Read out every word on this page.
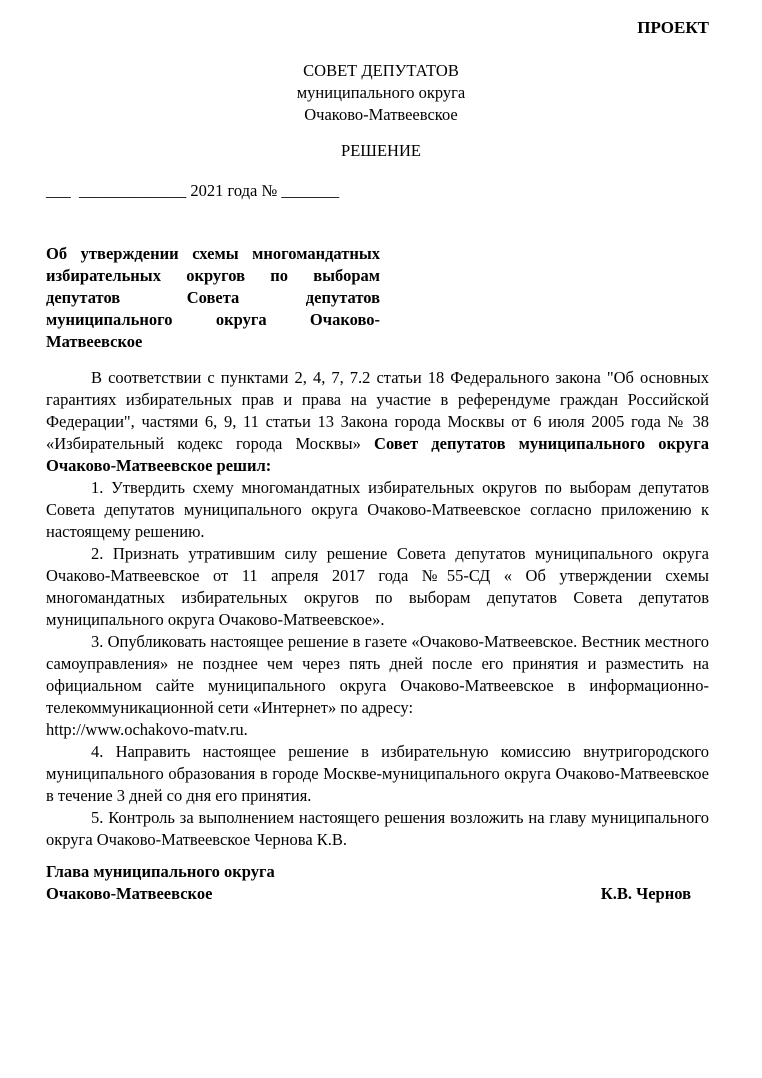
ПРОЕКТ
СОВЕТ ДЕПУТАТОВ
муниципального округа
Очаково-Матвеевское
РЕШЕНИЕ
___  _____________ 2021 года № _______
Об утверждении схемы многомандатных
избирательных округов по выборам
депутатов Совета депутатов
муниципального округа Очаково-
Матвеевское

В соответствии с пунктами 2, 4, 7, 7.2 статьи 18 Федерального закона "Об основных гарантиях избирательных прав и права на участие в референдуме граждан Российской Федерации", частями 6, 9, 11 статьи 13 Закона города Москвы от 6 июля 2005 года № 38 «Избирательный кодекс города Москвы» Совет депутатов муниципального округа Очаково-Матвеевское решил:

1. Утвердить схему многомандатных избирательных округов по выборам депутатов Совета депутатов муниципального округа Очаково-Матвеевское согласно приложению к настоящему решению.

2. Признать утратившим силу решение Совета депутатов муниципального округа Очаково-Матвеевское от 11 апреля 2017 года №55-СД « Об утверждении схемы многомандатных избирательных округов по выборам депутатов Совета депутатов муниципального округа Очаково-Матвеевское».

3. Опубликовать настоящее решение в газете «Очаково-Матвеевское. Вестник местного самоуправления» не позднее чем через пять дней после его принятия и разместить на официальном сайте муниципального округа Очаково-Матвеевское в информационно-телекоммуникационной сети «Интернет» по адресу:

http://www.ochakovo-matv.ru.

4. Направить настоящее решение в избирательную комиссию внутригородского муниципального образования в городе Москве-муниципального округа Очаково-Матвеевское в течение 3 дней со дня его принятия.

5. Контроль за выполнением настоящего решения возложить на главу муниципального округа Очаково-Матвеевское Чернова К.В.

Глава муниципального округа
Очаково-Матвеевское	К.В. Чернов
